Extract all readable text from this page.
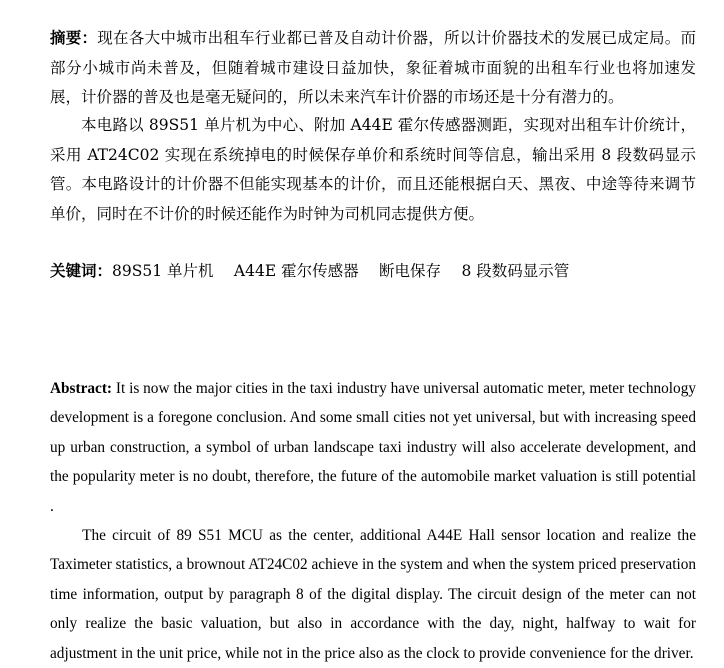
摘要：现在各大中城市出租车行业都已普及自动计价器，所以计价器技术的发展已成定局。而部分小城市尚未普及，但随着城市建设日益加快，象征着城市面貌的出租车行业也将加速发展，计价器的普及也是毫无疑问的，所以未来汽车计价器的市场还是十分有潜力的。

本电路以 89S51 单片机为中心、附加 A44E 霍尔传感器测距，实现对出租车计价统计，采用 AT24C02 实现在系统掉电的时候保存单价和系统时间等信息，输出采用 8 段数码显示管。本电路设计的计价器不但能实现基本的计价，而且还能根据白天、黑夜、中途等待来调节单价，同时在不计价的时候还能作为时钟为司机同志提供方便。

关键词：89S51 单片机　 A44E 霍尔传感器　 断电保存　 8 段数码显示管

Abstract: It is now the major cities in the taxi industry have universal automatic meter, meter technology development is a foregone conclusion. And some small cities not yet universal, but with increasing speed up urban construction, a symbol of urban landscape taxi industry will also accelerate development, and the popularity meter is no doubt, therefore, the future of the automobile market valuation is still potential .

The circuit of 89 S51 MCU as the center, additional A44E Hall sensor location and realize the Taximeter statistics, a brownout AT24C02 achieve in the system and when the system priced preservation time information, output by paragraph 8 of the digital display. The circuit design of the meter can not only realize the basic valuation, but also in accordance with the day, night, halfway to wait for adjustment in the unit price, while not in the price also as the clock to provide convenience for the driver.
